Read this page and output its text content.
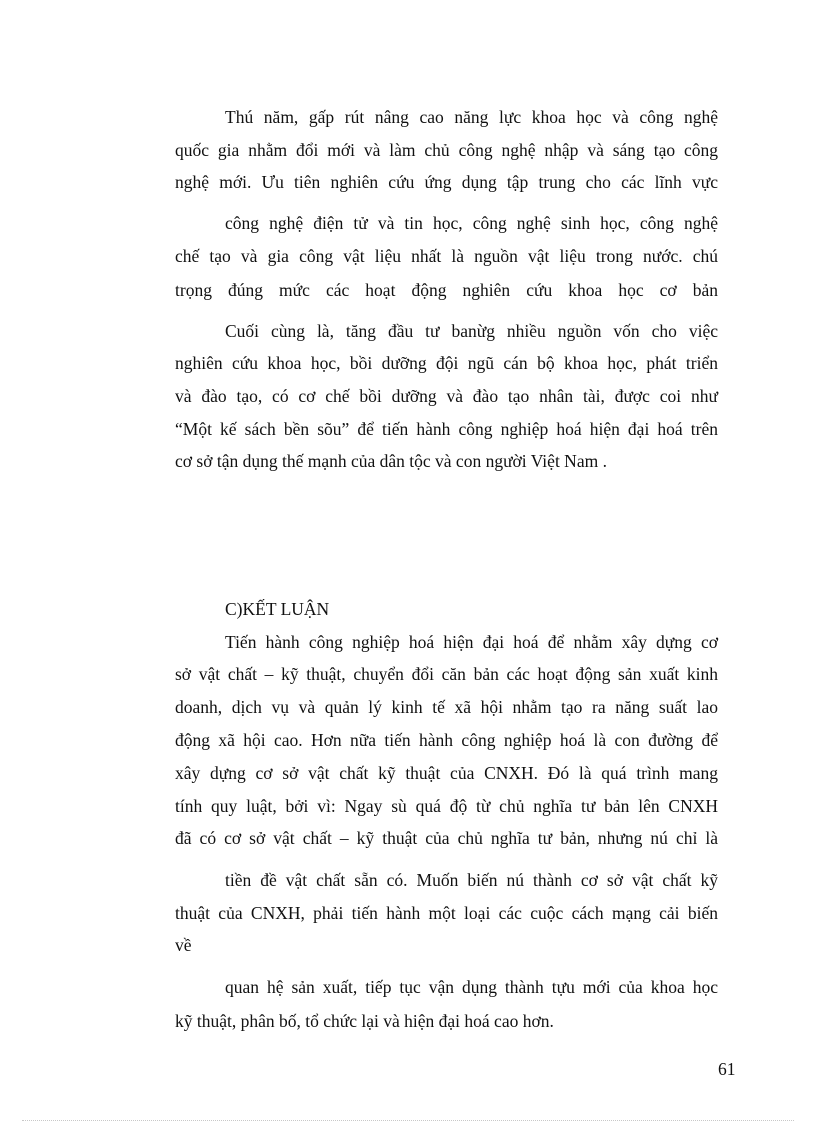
Thú năm, gấp rút nâng cao năng lực khoa học và công nghệ
quốc gia nhằm đổi mới và làm chủ công nghệ nhập và sáng tạo công
nghệ mới. Ưu tiên nghiên cứu ứng dụng tập trung cho các lĩnh vực
công nghệ điện tử và tin học, công nghệ sinh học, công nghệ
chế tạo và gia công vật liệu nhất là nguồn vật liệu trong nước. chú
trọng đúng mức các hoạt động nghiên cứu khoa học cơ bản
Cuối cùng là, tăng đầu tư banừg nhiều nguồn vốn cho việc
nghiên cứu khoa học, bồi dưỡng đội ngũ cán bộ khoa học, phát triển
và đào tạo, có cơ chế bồi dưỡng và đào tạo nhân tài, được coi như
“Một kế sách bền sõu” để tiến hành công nghiệp hoá hiện đại hoá trên
cơ sở tận dụng thế mạnh của dân tộc và con người Việt Nam .
C)KẾT LUẬN
Tiến hành công nghiệp hoá hiện đại hoá để nhằm xây dựng cơ
sở vật chất – kỹ thuật, chuyển đổi căn bản các hoạt động sản xuất kinh
doanh, dịch vụ và quản lý kinh tế xã hội nhằm tạo ra năng suất lao
động xã hội cao. Hơn nữa tiến hành công nghiệp hoá là con đường để
xây dựng cơ sở vật chất kỹ thuật của CNXH. Đó là quá trình mang
tính quy luật, bởi vì: Ngay sù quá độ từ chủ nghĩa tư bản lên CNXH
đã có cơ sở vật chất – kỹ thuật của chủ nghĩa tư bản, nhưng nú chỉ là
tiền đề vật chất sẵn có. Muốn biến nú thành cơ sở vật chất kỹ
thuật của CNXH, phải tiến hành một loại các cuộc cách mạng cải biến
về
quan hệ sản xuất, tiếp tục vận dụng thành tựu mới của khoa học
kỹ thuật, phân bố, tổ chức lại và hiện đại hoá cao hơn.
61
